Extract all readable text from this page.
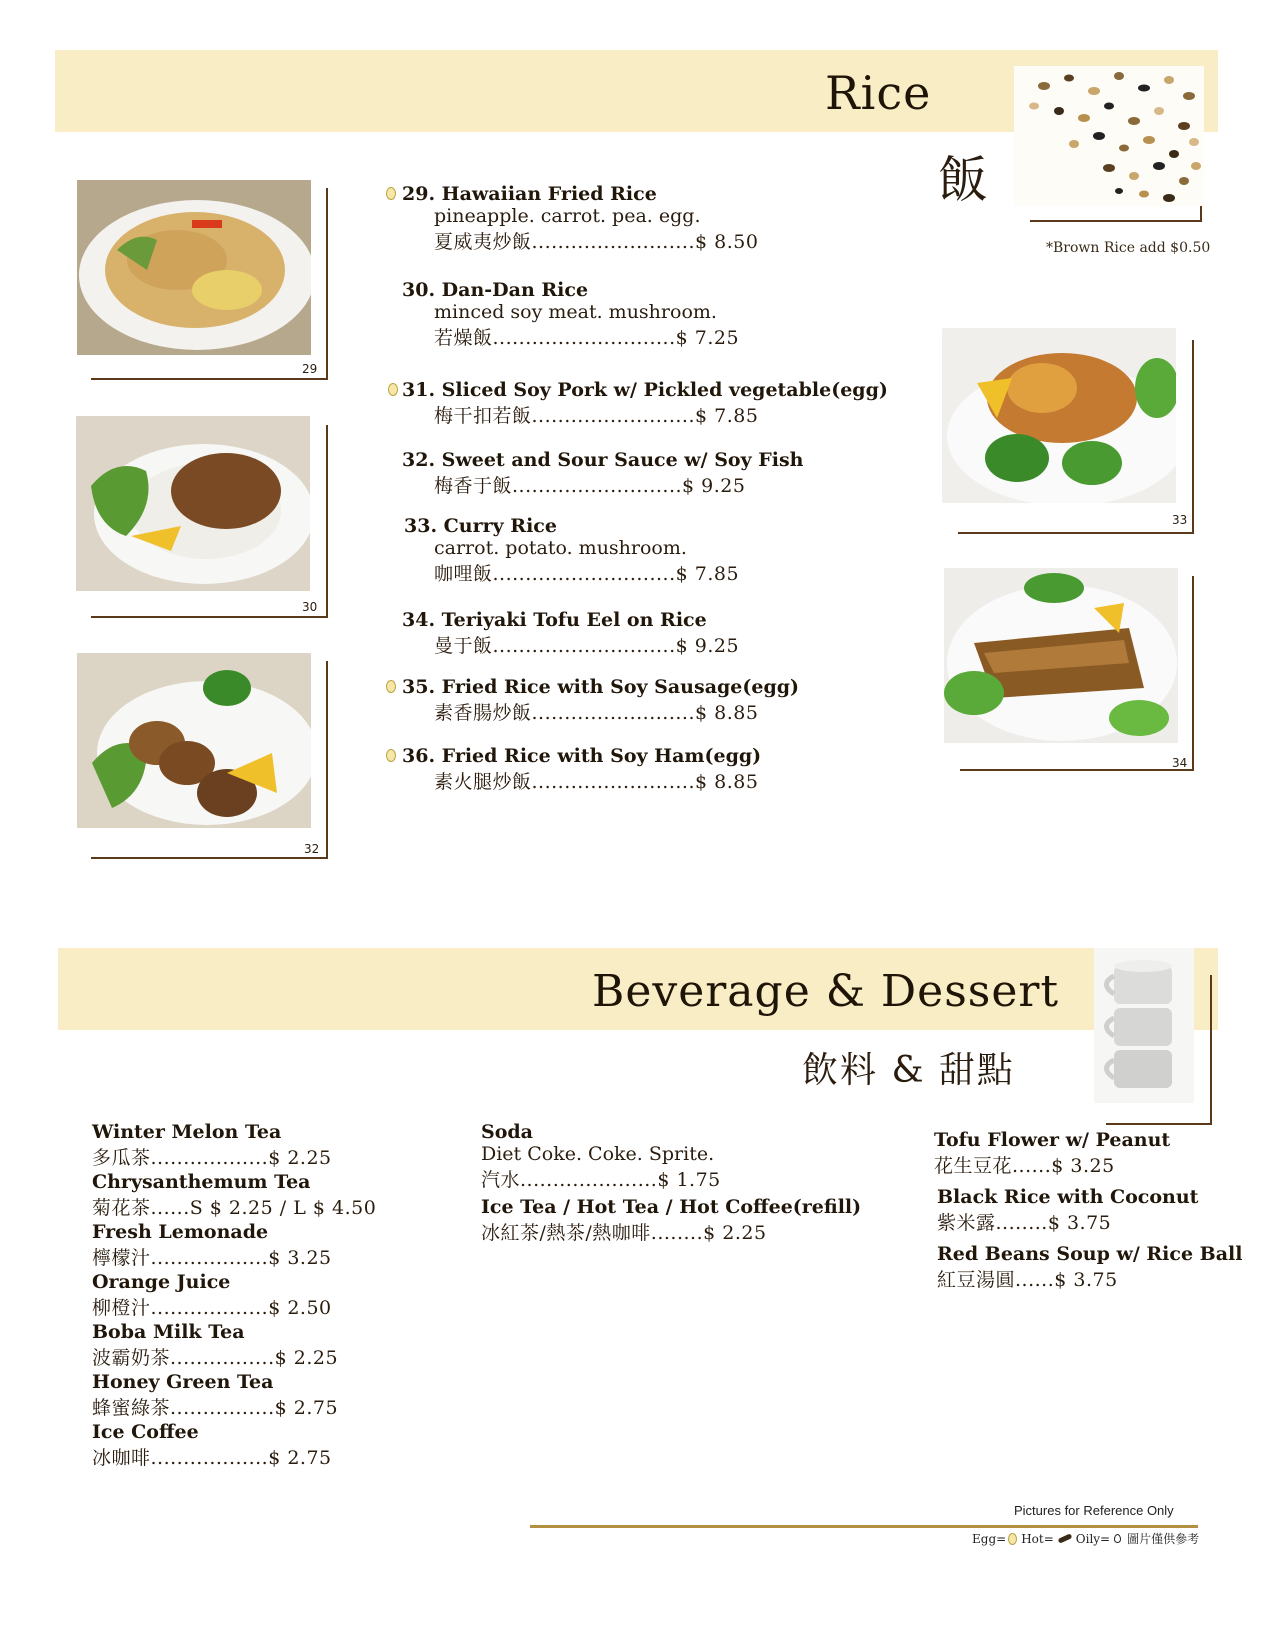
Rice
飯
*Brown Rice add $0.50
29
30
32
33
34
29. Hawaiian Fried Rice
pineapple. carrot. pea. egg.
夏威夷炒飯.........................$ 8.50
30. Dan-Dan Rice
minced soy meat. mushroom.
若燥飯............................$ 7.25
31. Sliced Soy Pork w/ Pickled vegetable(egg)
梅干扣若飯.........................$ 7.85
32. Sweet and Sour Sauce w/ Soy Fish
梅香于飯..........................$ 9.25
33. Curry Rice
carrot. potato. mushroom.
咖哩飯............................$ 7.85
34. Teriyaki Tofu Eel on Rice
曼于飯............................$ 9.25
35. Fried Rice with Soy Sausage(egg)
素香腸炒飯.........................$ 8.85
36. Fried Rice with Soy Ham(egg)
素火腿炒飯.........................$ 8.85
Beverage & Dessert
飲料 & 甜點
Winter Melon Tea
多瓜茶..................$ 2.25
Chrysanthemum Tea
菊花茶......S $ 2.25 / L $ 4.50
Fresh Lemonade
檸檬汁..................$ 3.25
Orange Juice
柳橙汁..................$ 2.50
Boba Milk Tea
波霸奶茶................$ 2.25
Honey Green Tea
蜂蜜綠茶................$ 2.75
Ice Coffee
冰咖啡..................$ 2.75
Soda
Diet Coke. Coke. Sprite.
汽水.....................$ 1.75
Ice Tea / Hot Tea / Hot Coffee(refill)
冰紅茶/熱茶/熱咖啡........$ 2.25
Tofu Flower w/ Peanut
花生豆花......$ 3.25
Black Rice with Coconut
紫米露........$ 3.75
Red Beans Soup w/ Rice Ball
紅豆湯圓......$ 3.75
Pictures for Reference Only
Egg= Hot= Oily= 圖片僅供參考
